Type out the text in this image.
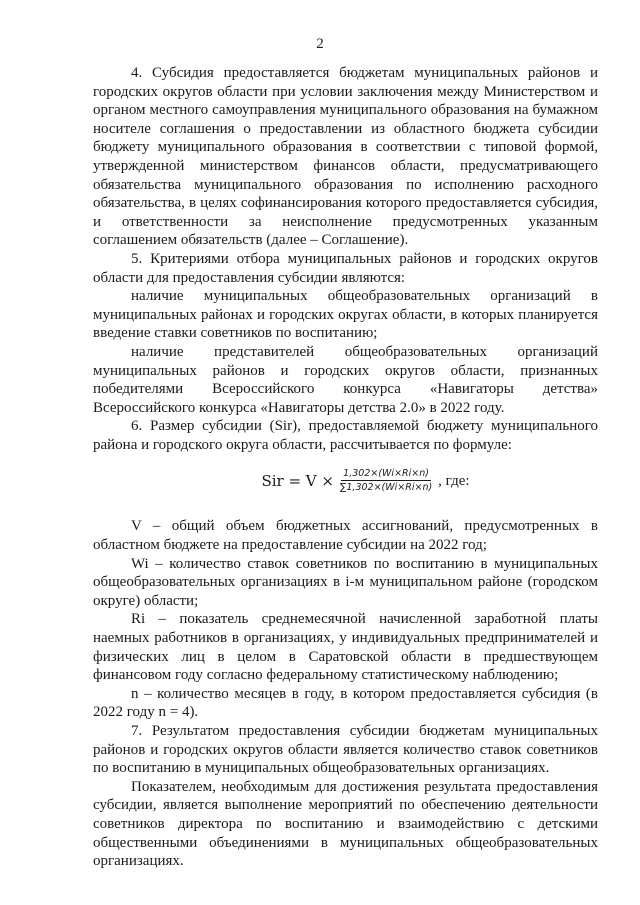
2

4. Субсидия предоставляется бюджетам муниципальных районов и городских округов области при условии заключения между Министерством и органом местного самоуправления муниципального образования на бумажном носителе соглашения о предоставлении из областного бюджета субсидии бюджету муниципального образования в соответствии с типовой формой, утвержденной министерством финансов области, предусматривающего обязательства муниципального образования по исполнению расходного обязательства, в целях софинансирования которого предоставляется субсидия, и ответственности за неисполнение предусмотренных указанным соглашением обязательств (далее – Соглашение).

5. Критериями отбора муниципальных районов и городских округов области для предоставления субсидии являются:

наличие муниципальных общеобразовательных организаций в муниципальных районах и городских округах области, в которых планируется введение ставки советников по воспитанию;

наличие представителей общеобразовательных организаций муниципальных районов и городских округов области, признанных победителями Всероссийского конкурса «Навигаторы детства» Всероссийского конкурса «Навигаторы детства 2.0» в 2022 году.

6. Размер субсидии (Sir), предоставляемой бюджету муниципального района и городского округа области, рассчитывается по формуле:

Sir = $V \times \frac{1,302\times(Wi\times Ri\times n)}{\sum 1,302\times(Wi\times Ri\times n)}$ , где:

V – общий объем бюджетных ассигнований, предусмотренных в областном бюджете на предоставление субсидии на 2022 год;

Wi – количество ставок советников по воспитанию в муниципальных общеобразовательных организациях в i-м муниципальном районе (городском округе) области;

Ri – показатель среднемесячной начисленной заработной платы наемных работников в организациях, у индивидуальных предпринимателей и физических лиц в целом в Саратовской области в предшествующем финансовом году согласно федеральному статистическому наблюдению;

n – количество месяцев в году, в котором предоставляется субсидия (в 2022 году n = 4).

7. Результатом предоставления субсидии бюджетам муниципальных районов и городских округов области является количество ставок советников по воспитанию в муниципальных общеобразовательных организациях.

Показателем, необходимым для достижения результата предоставления субсидии, является выполнение мероприятий по обеспечению деятельности советников директора по воспитанию и взаимодействию с детскими общественными объединениями в муниципальных общеобразовательных организациях.
